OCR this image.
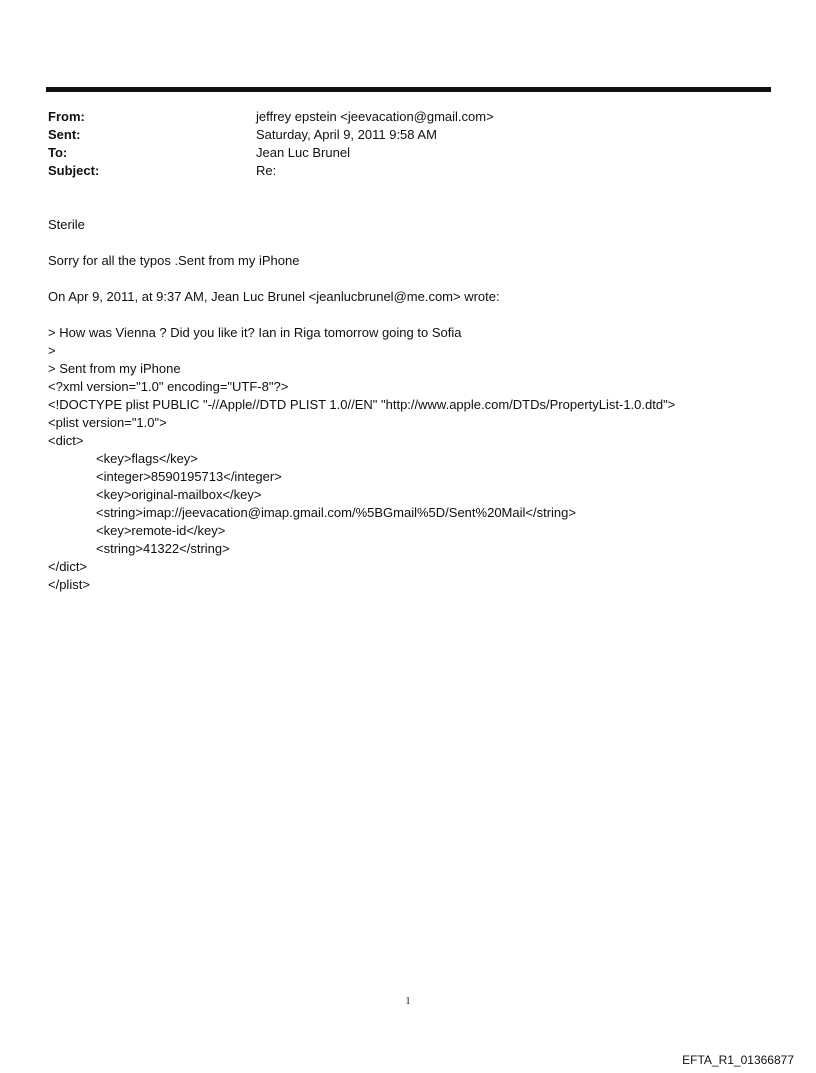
From:	jeffrey epstein <jeevacation@gmail.com>
Sent:	Saturday, April 9, 2011 9:58 AM
To:	Jean Luc Brunel
Subject:	Re:

Sterile

Sorry for all the typos .Sent from my iPhone

On Apr 9, 2011, at 9:37 AM, Jean Luc Brunel <jeanlucbrunel@me.com> wrote:

> How was Vienna ? Did you like it? Ian in Riga tomorrow going to Sofia

>

> Sent from my iPhone

<?xml version="1.0" encoding="UTF-8"?>

<!DOCTYPE plist PUBLIC "-//Apple//DTD PLIST 1.0//EN" "http://www.apple.com/DTDs/PropertyList-1.0.dtd">

<plist version="1.0">

<dict>

<key>flags</key>

<integer>8590195713</integer>

<key>original-mailbox</key>

<string>imap://jeevacation@imap.gmail.com/%5BGmail%5D/Sent%20Mail</string>

<key>remote-id</key>

<string>41322</string>

</dict>

</plist>

1
EFTA_R1_01366877
